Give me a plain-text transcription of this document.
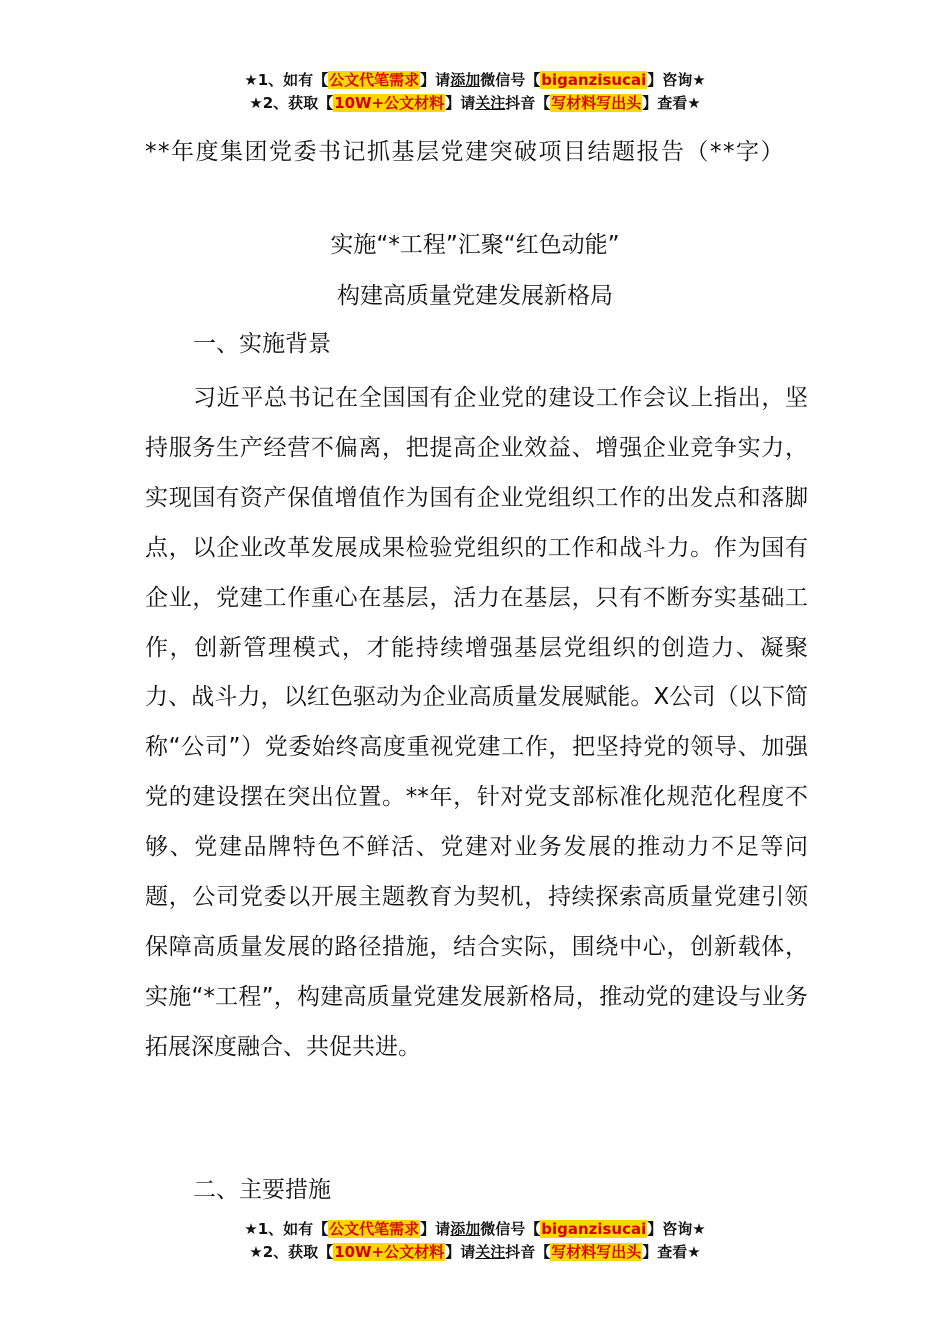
★1、如有【公文代笔需求】请添加微信号【biganzisucai】咨询★
★2、获取【10W+公文材料】请关注抖音【写材料写出头】查看★
**年度集团党委书记抓基层党建突破项目结题报告（**字）
实施“*工程”汇聚“红色动能”
构建高质量党建发展新格局
一、实施背景
习近平总书记在全国国有企业党的建设工作会议上指出，坚持服务生产经营不偏离，把提高企业效益、增强企业竞争实力，实现国有资产保值增值作为国有企业党组织工作的出发点和落脚点，以企业改革发展成果检验党组织的工作和战斗力。作为国有企业，党建工作重心在基层，活力在基层，只有不断夯实基础工作，创新管理模式，才能持续增强基层党组织的创造力、凝聚力、战斗力，以红色驱动为企业高质量发展赋能。X公司（以下简称“公司”）党委始终高度重视党建工作，把坚持党的领导、加强党的建设摆在突出位置。**年，针对党支部标准化规范化程度不够、党建品牌特色不鲜活、党建对业务发展的推动力不足等问题，公司党委以开展主题教育为契机，持续探索高质量党建引领保障高质量发展的路径措施，结合实际，围绕中心，创新载体，实施“*工程”，构建高质量党建发展新格局，推动党的建设与业务拓展深度融合、共促共进。
二、主要措施
★1、如有【公文代笔需求】请添加微信号【biganzisucai】咨询★
★2、获取【10W+公文材料】请关注抖音【写材料写出头】查看★
